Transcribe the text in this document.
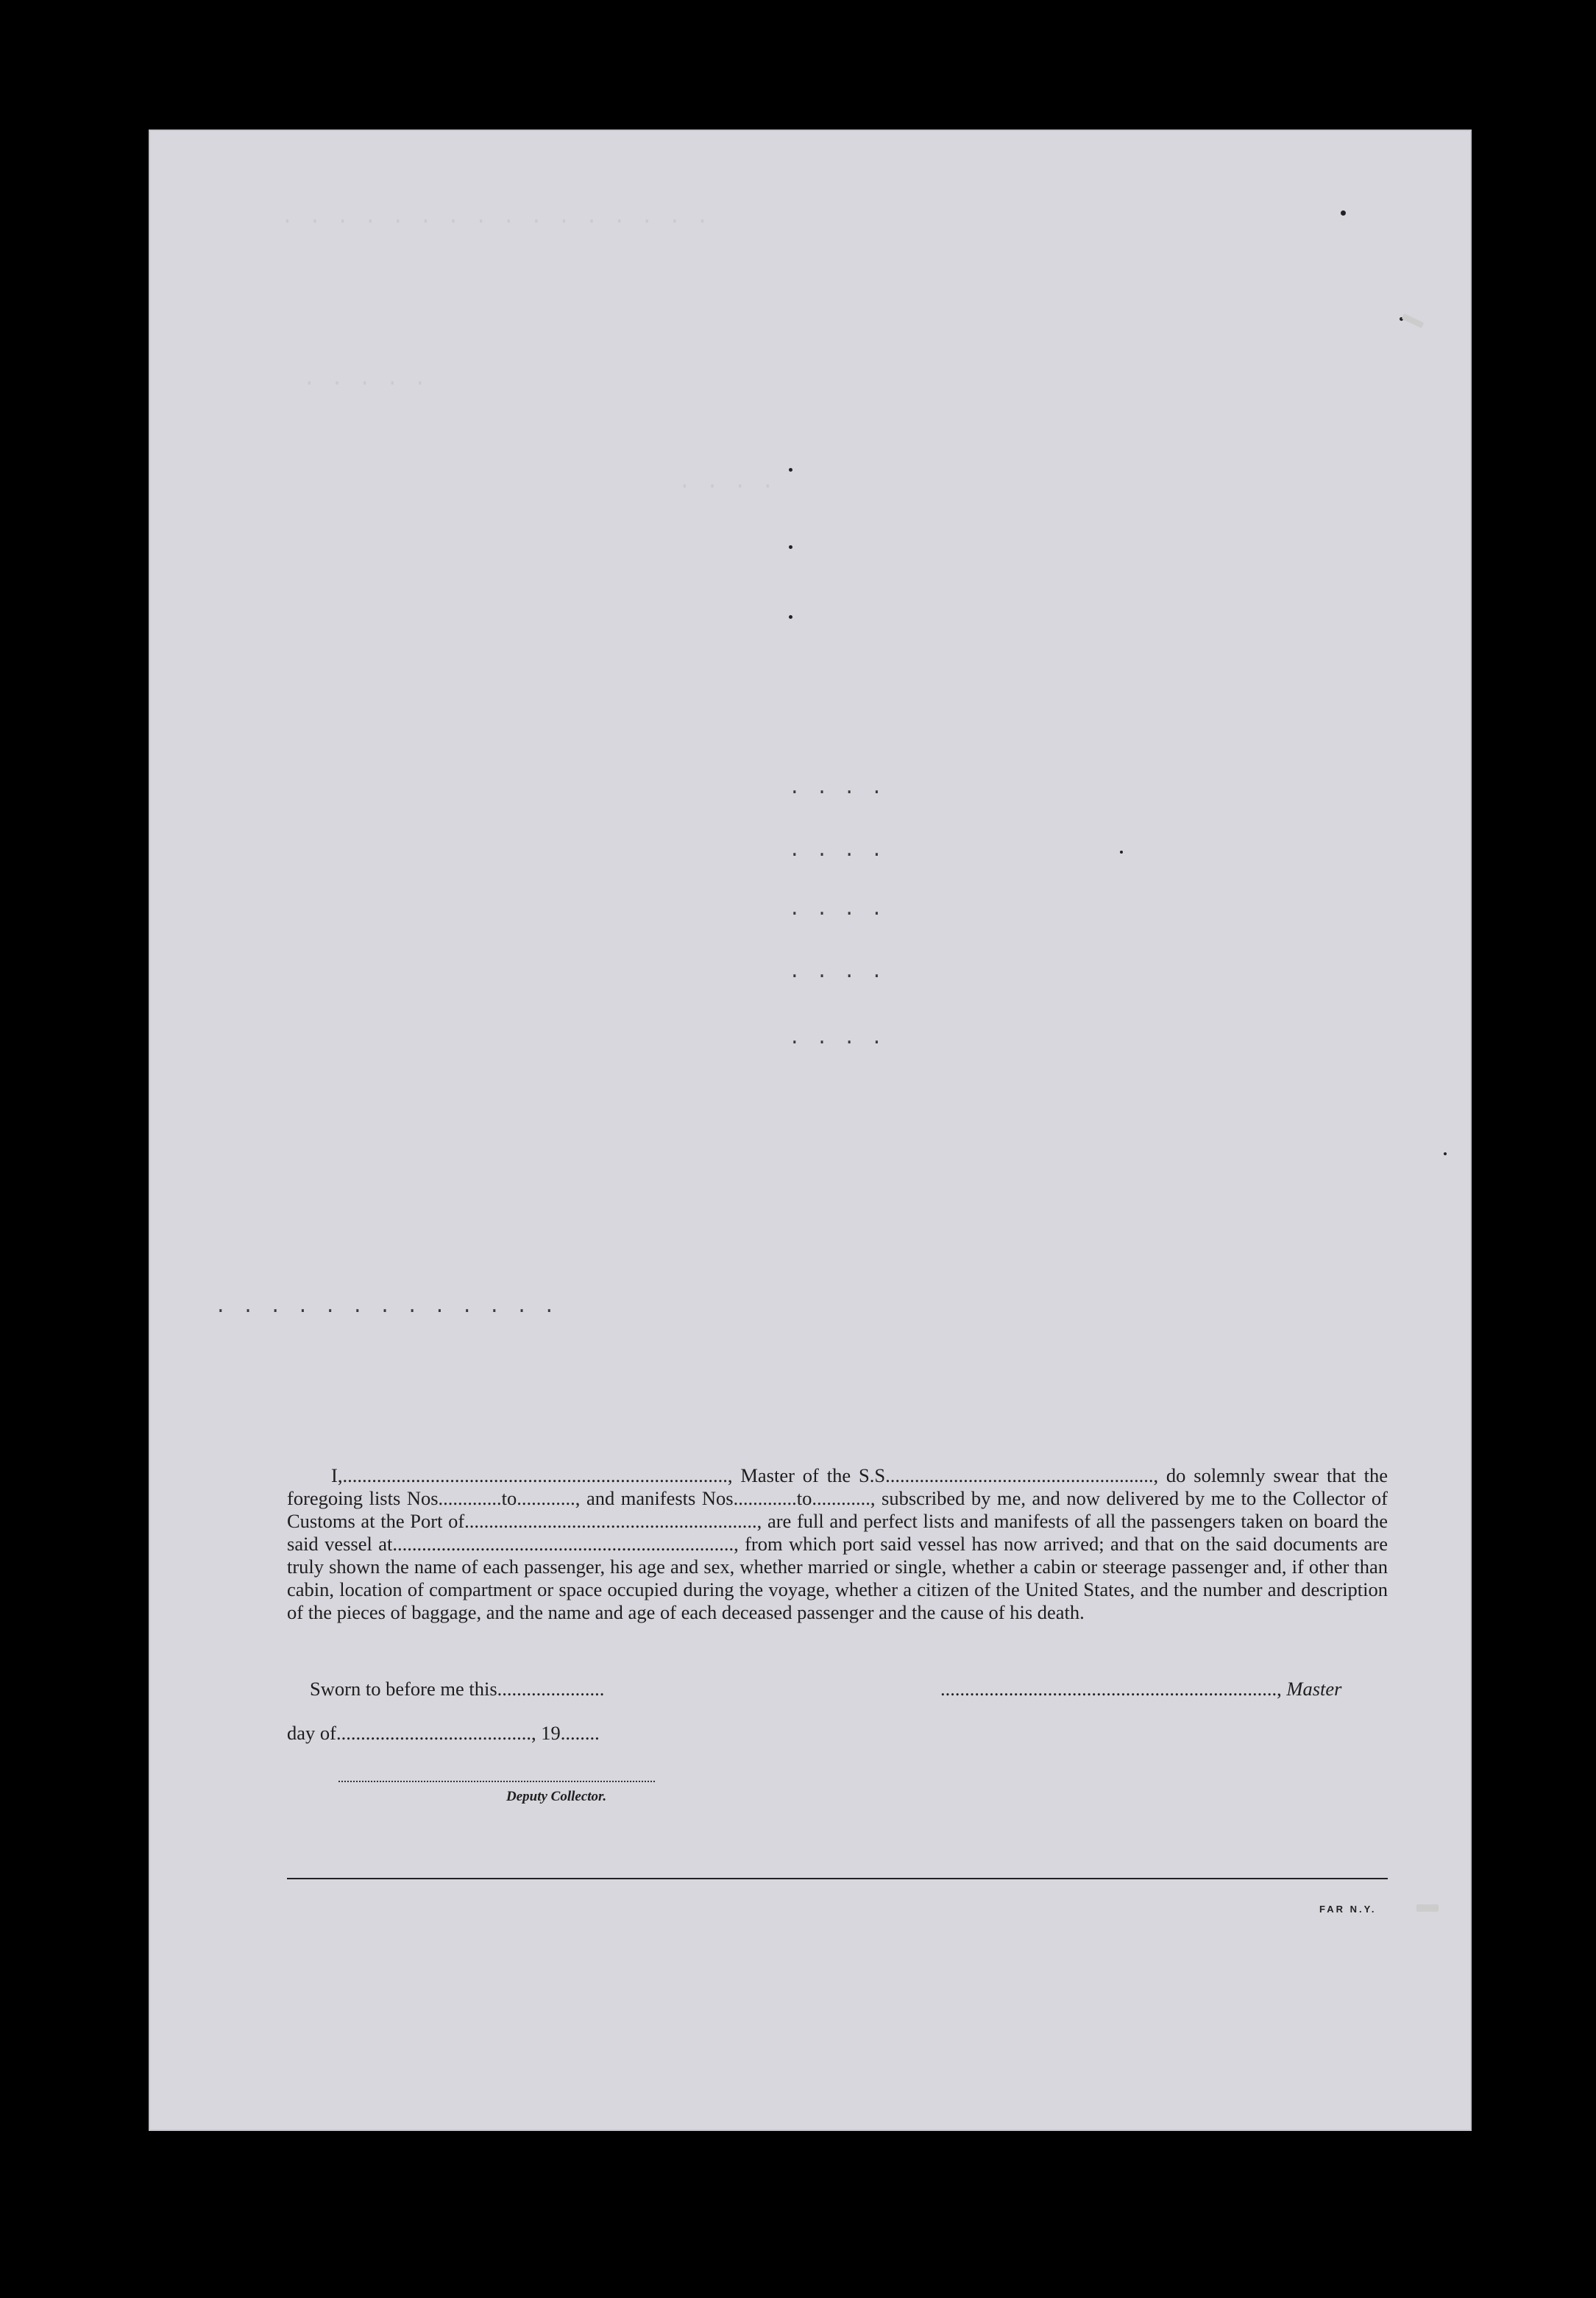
· · · · · · · · · · · · · · · ·
· · · · ·
· · · ·
. . . .
. . . .
. . . .
. . . .
. . . .
. . . . . . . . . . . . .

I,..............................................................................., Master of the S.S......................................................., do solemnly swear that the foregoing lists Nos.............to............, and manifests Nos.............to............, subscribed by me, and now delivered by me to the Collector of Customs at the Port of............................................................, are full and perfect lists and manifests of all the passengers taken on board the said vessel at......................................................................, from which port said vessel has now arrived; and that on the said documents are truly shown the name of each passenger, his age and sex, whether married or single, whether a cabin or steerage passenger and, if other than cabin, location of compartment or space occupied during the voyage, whether a citizen of the United States, and the number and description of the pieces of baggage, and the name and age of each deceased passenger and the cause of his death.

Sworn to before me this......................	....................................................................., Master
day of........................................, 19........
Deputy Collector.
FAR N.Y.
